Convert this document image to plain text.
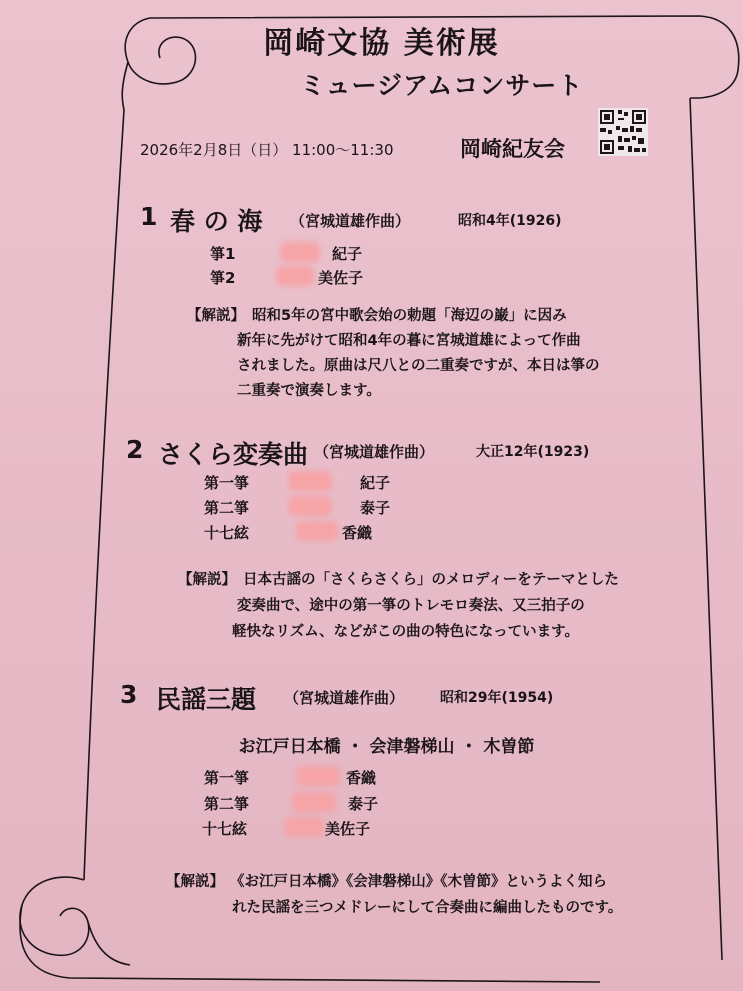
岡崎文協 美術展
ミュージアムコンサート
2026年2月8日（日） 11:00〜11:30	岡崎紀友会
1 春 の 海 （宮城道雄作曲）	昭和4年(1926)
箏1	紀子
箏2	美佐子
【解説】 昭和5年の宮中歌会始の勅題「海辺の巌」に因み
新年に先がけて昭和4年の暮に宮城道雄によって作曲
されました。原曲は尺八との二重奏ですが、本日は箏の
二重奏で演奏します。
2 さくら変奏曲 （宮城道雄作曲）	大正12年(1923)
第一箏	紀子
第二箏	泰子
十七絃	香織
【解説】 日本古謡の「さくらさくら」のメロディーをテーマとした
変奏曲で、途中の第一箏のトレモロ奏法、又三拍子の
軽快なリズム、などがこの曲の特色になっています。
3 民謡三題 （宮城道雄作曲）	昭和29年(1954)
お江戸日本橋 ・ 会津磐梯山 ・ 木曽節
第一箏	香織
第二箏	泰子
十七絃	美佐子
【解説】 《お江戸日本橋》《会津磐梯山》《木曽節》というよく知ら
れた民謡を三つメドレーにして合奏曲に編曲したものです。
